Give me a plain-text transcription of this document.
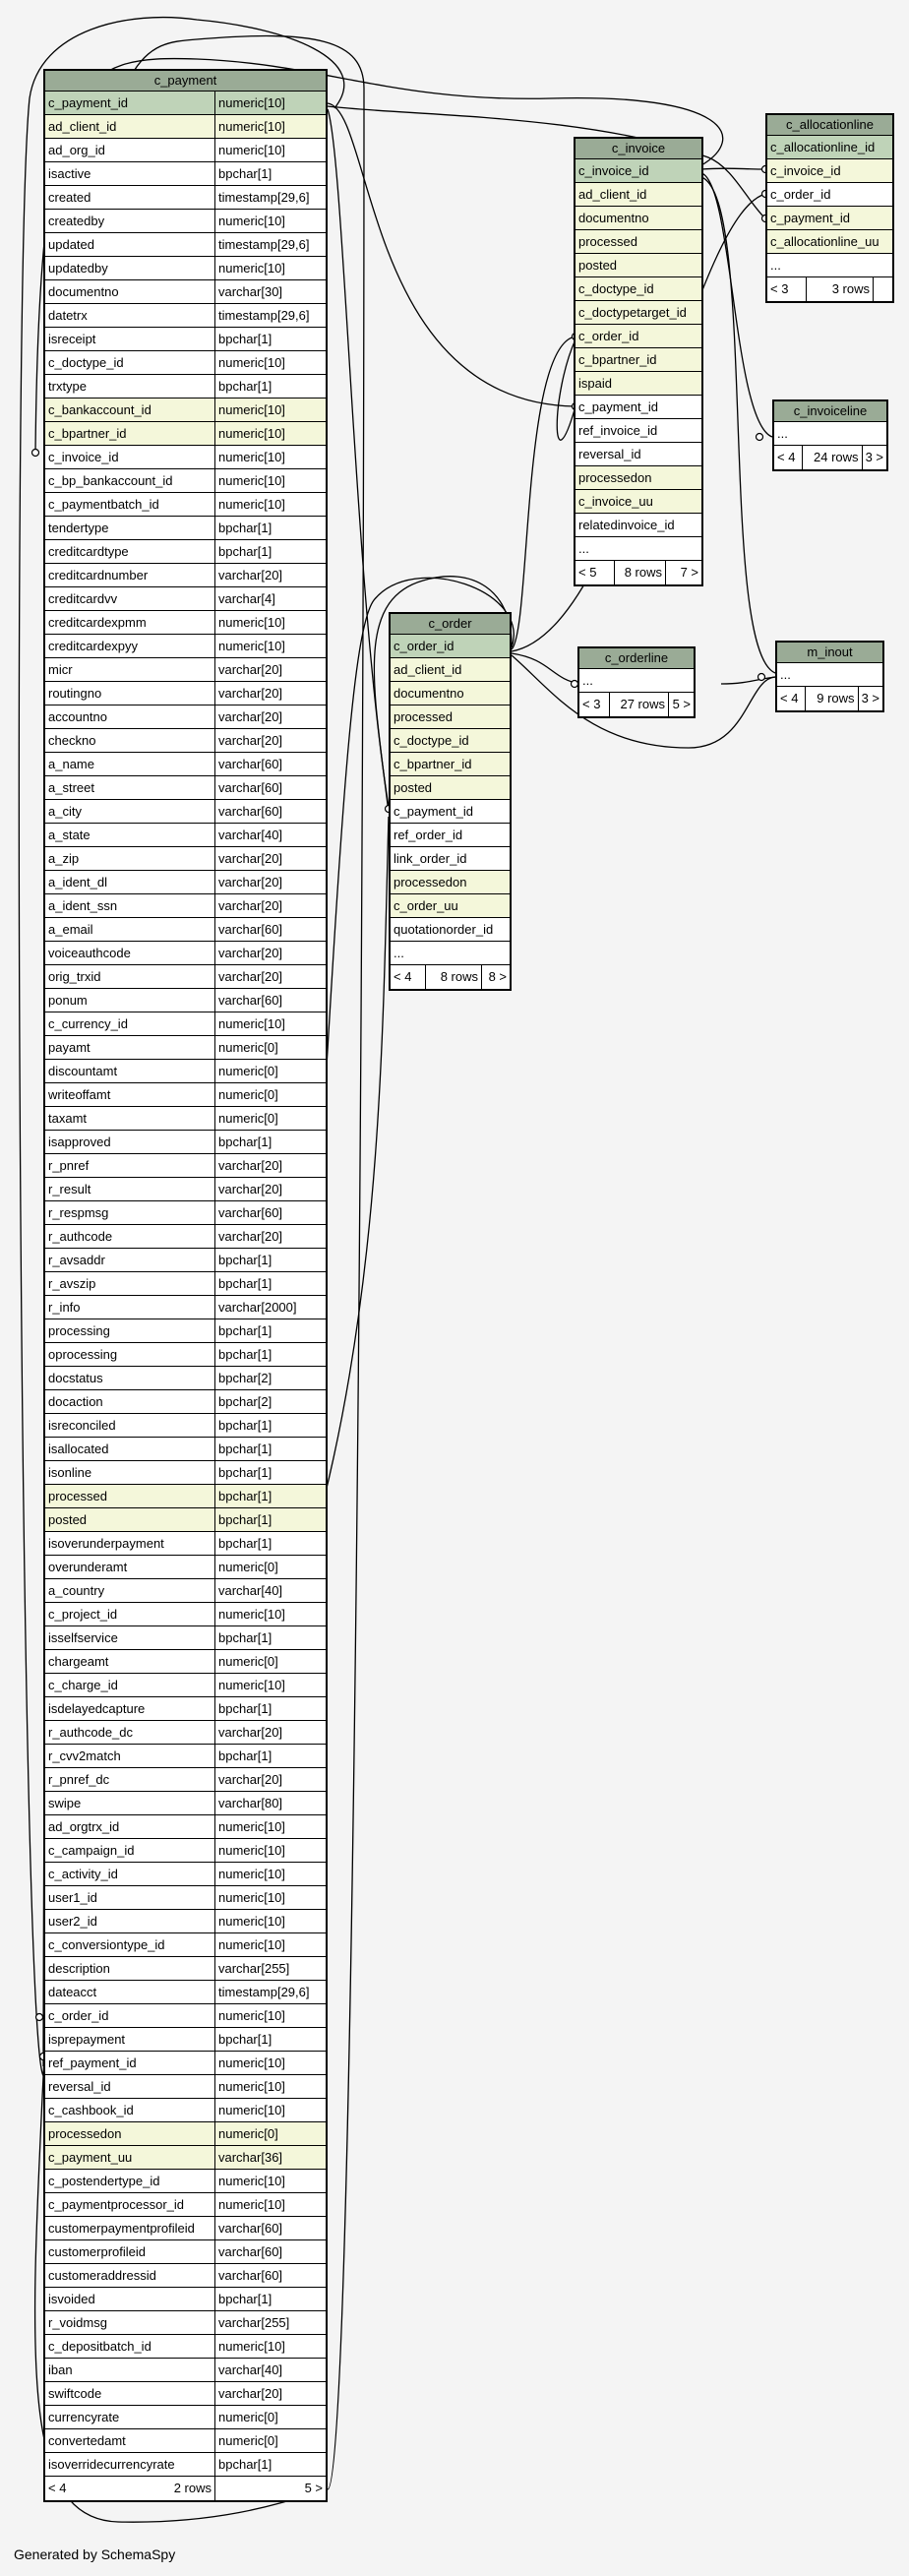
c_payment
c_payment_id	numeric[10]
ad_client_id	numeric[10]
ad_org_id	numeric[10]
isactive	bpchar[1]
created	timestamp[29,6]
createdby	numeric[10]
updated	timestamp[29,6]
updatedby	numeric[10]
documentno	varchar[30]
datetrx	timestamp[29,6]
isreceipt	bpchar[1]
c_doctype_id	numeric[10]
trxtype	bpchar[1]
c_bankaccount_id	numeric[10]
c_bpartner_id	numeric[10]
c_invoice_id	numeric[10]
c_bp_bankaccount_id	numeric[10]
c_paymentbatch_id	numeric[10]
tendertype	bpchar[1]
creditcardtype	bpchar[1]
creditcardnumber	varchar[20]
creditcardvv	varchar[4]
creditcardexpmm	numeric[10]
creditcardexpyy	numeric[10]
micr	varchar[20]
routingno	varchar[20]
accountno	varchar[20]
checkno	varchar[20]
a_name	varchar[60]
a_street	varchar[60]
a_city	varchar[60]
a_state	varchar[40]
a_zip	varchar[20]
a_ident_dl	varchar[20]
a_ident_ssn	varchar[20]
a_email	varchar[60]
voiceauthcode	varchar[20]
orig_trxid	varchar[20]
ponum	varchar[60]
c_currency_id	numeric[10]
payamt	numeric[0]
discountamt	numeric[0]
writeoffamt	numeric[0]
taxamt	numeric[0]
isapproved	bpchar[1]
r_pnref	varchar[20]
r_result	varchar[20]
r_respmsg	varchar[60]
r_authcode	varchar[20]
r_avsaddr	bpchar[1]
r_avszip	bpchar[1]
r_info	varchar[2000]
processing	bpchar[1]
oprocessing	bpchar[1]
docstatus	bpchar[2]
docaction	bpchar[2]
isreconciled	bpchar[1]
isallocated	bpchar[1]
isonline	bpchar[1]
processed	bpchar[1]
posted	bpchar[1]
isoverunderpayment	bpchar[1]
overunderamt	numeric[0]
a_country	varchar[40]
c_project_id	numeric[10]
isselfservice	bpchar[1]
chargeamt	numeric[0]
c_charge_id	numeric[10]
isdelayedcapture	bpchar[1]
r_authcode_dc	varchar[20]
r_cvv2match	bpchar[1]
r_pnref_dc	varchar[20]
swipe	varchar[80]
ad_orgtrx_id	numeric[10]
c_campaign_id	numeric[10]
c_activity_id	numeric[10]
user1_id	numeric[10]
user2_id	numeric[10]
c_conversiontype_id	numeric[10]
description	varchar[255]
dateacct	timestamp[29,6]
c_order_id	numeric[10]
isprepayment	bpchar[1]
ref_payment_id	numeric[10]
reversal_id	numeric[10]
c_cashbook_id	numeric[10]
processedon	numeric[0]
c_payment_uu	varchar[36]
c_postendertype_id	numeric[10]
c_paymentprocessor_id	numeric[10]
customerpaymentprofileid	varchar[60]
customerprofileid	varchar[60]
customeraddressid	varchar[60]
isvoided	bpchar[1]
r_voidmsg	varchar[255]
c_depositbatch_id	numeric[10]
iban	varchar[40]
swiftcode	varchar[20]
currencyrate	numeric[0]
convertedamt	numeric[0]
isoverridecurrencyrate	bpchar[1]
< 4	2 rows	5 >
c_invoice
c_invoice_id
ad_client_id
documentno
processed
posted
c_doctype_id
c_doctypetarget_id
c_order_id
c_bpartner_id
ispaid
c_payment_id
ref_invoice_id
reversal_id
processedon
c_invoice_uu
relatedinvoice_id
...
< 5	8 rows	7 >
c_allocationline
c_allocationline_id
c_invoice_id
c_order_id
c_payment_id
c_allocationline_uu
...
< 3	3 rows
c_invoiceline
...
< 4	24 rows 3 >
c_order
c_order_id
ad_client_id
documentno
processed
c_doctype_id
c_bpartner_id
posted
c_payment_id
ref_order_id
link_order_id
processedon
c_order_uu
quotationorder_id
...
< 4	8 rows 8 >
c_orderline
...
< 3	27 rows 5 >
m_inout
...
< 4	9 rows 3 >
Generated by SchemaSpy
